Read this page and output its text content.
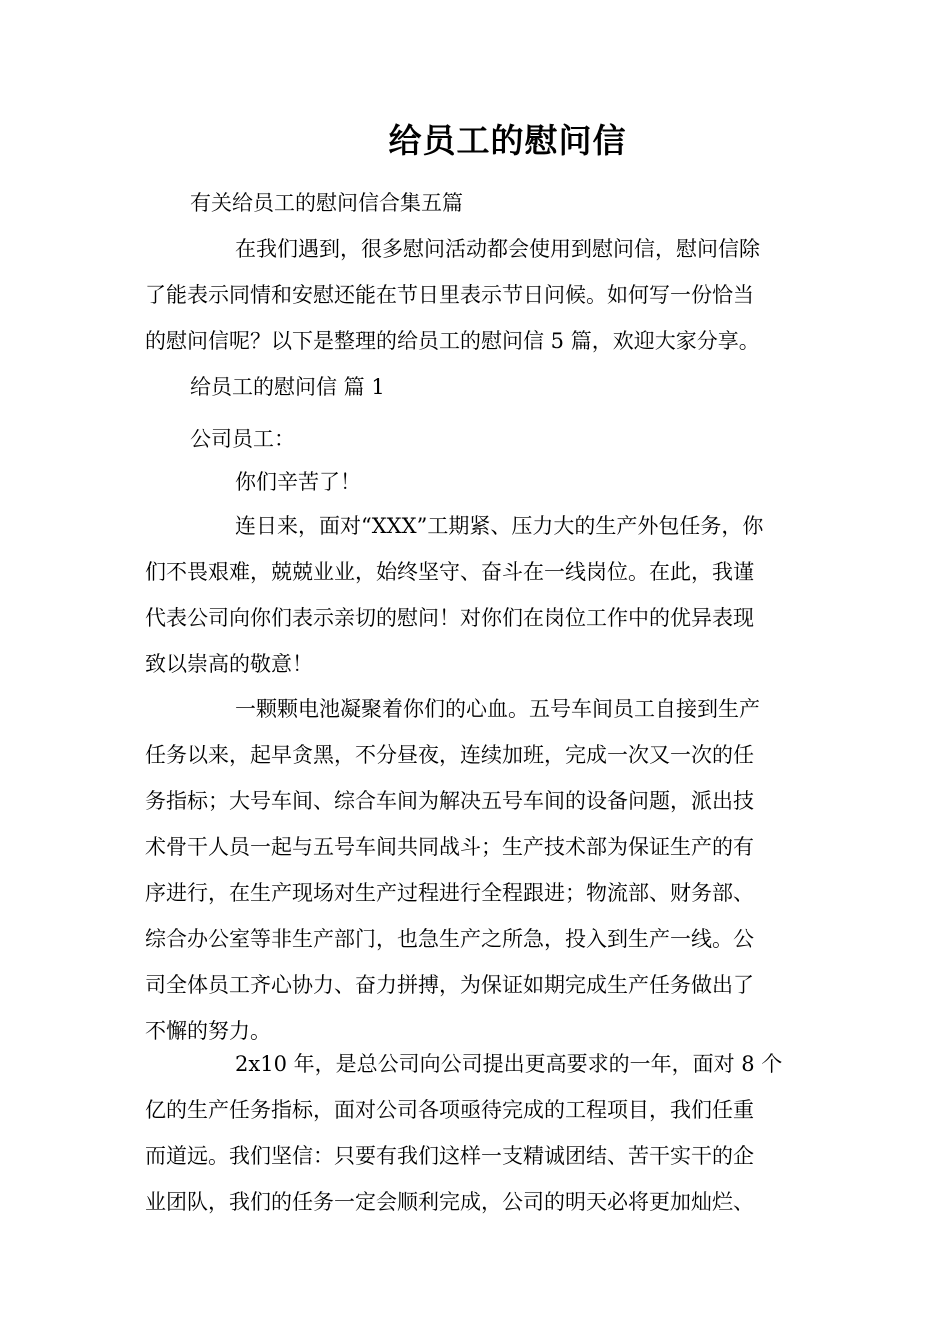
给员工的慰问信
有关给员工的慰问信合集五篇
在我们遇到，很多慰问活动都会使用到慰问信，慰问信除
了能表示同情和安慰还能在节日里表示节日问候。如何写一份恰当
的慰问信呢？以下是整理的给员工的慰问信 5 篇，欢迎大家分享。
给员工的慰问信 篇 1
公司员工：
你们辛苦了！
连日来，面对“XXX”工期紧、压力大的生产外包任务，你
们不畏艰难，兢兢业业，始终坚守、奋斗在一线岗位。在此，我谨
代表公司向你们表示亲切的慰问！对你们在岗位工作中的优异表现
致以崇高的敬意！
一颗颗电池凝聚着你们的心血。五号车间员工自接到生产
任务以来，起早贪黑，不分昼夜，连续加班，完成一次又一次的任
务指标；大号车间、综合车间为解决五号车间的设备问题，派出技
术骨干人员一起与五号车间共同战斗；生产技术部为保证生产的有
序进行，在生产现场对生产过程进行全程跟进；物流部、财务部、
综合办公室等非生产部门，也急生产之所急，投入到生产一线。公
司全体员工齐心协力、奋力拼搏，为保证如期完成生产任务做出了
不懈的努力。
2x10 年，是总公司向公司提出更高要求的一年，面对 8 个
亿的生产任务指标，面对公司各项亟待完成的工程项目，我们任重
而道远。我们坚信：只要有我们这样一支精诚团结、苦干实干的企
业团队，我们的任务一定会顺利完成，公司的明天必将更加灿烂、
